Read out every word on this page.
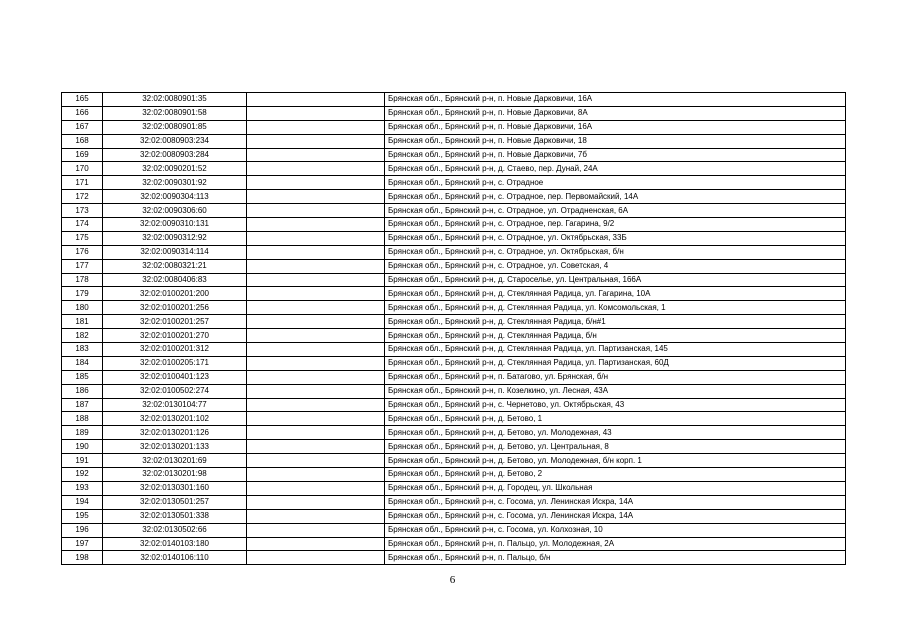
165	32:02:0080901:35		Брянская обл., Брянский р-н, п. Новые Дарковичи, 16А
166	32:02:0080901:58		Брянская обл., Брянский р-н, п. Новые Дарковичи, 8А
167	32:02:0080901:85		Брянская обл., Брянский р-н, п. Новые Дарковичи, 16А
168	32:02:0080903:234		Брянская обл., Брянский р-н, п. Новые Дарковичи, 18
169	32:02:0080903:284		Брянская обл., Брянский р-н, п. Новые Дарковичи, 7б
170	32:02:0090201:52		Брянская обл., Брянский р-н, д. Стаево, пер. Дунай, 24А
171	32:02:0090301:92		Брянская обл., Брянский р-н, с. Отрадное
172	32:02:0090304:113		Брянская обл., Брянский р-н, с. Отрадное, пер. Первомайский, 14А
173	32:02:0090306:60		Брянская обл., Брянский р-н, с. Отрадное, ул. Отрадненская, 6А
174	32:02:0090310:131		Брянская обл., Брянский р-н, с. Отрадное, пер. Гагарина, 9/2
175	32:02:0090312:92		Брянская обл., Брянский р-н, с. Отрадное, ул. Октябрьская, 33Б
176	32:02:0090314:114		Брянская обл., Брянский р-н, с. Отрадное, ул. Октябрьская, б/н
177	32:02:0080321:21		Брянская обл., Брянский р-н, с. Отрадное, ул. Советская, 4
178	32:02:0080406:83		Брянская обл., Брянский р-н, д. Староселье, ул. Центральная, 166А
179	32:02:0100201:200		Брянская обл., Брянский р-н, д. Стеклянная Радица, ул. Гагарина, 10А
180	32:02:0100201:256		Брянская обл., Брянский р-н, д. Стеклянная Радица, ул. Комсомольская, 1
181	32:02:0100201:257		Брянская обл., Брянский р-н, д. Стеклянная Радица, б/н#1
182	32:02:0100201:270		Брянская обл., Брянский р-н, д. Стеклянная Радица, б/н
183	32:02:0100201:312		Брянская обл., Брянский р-н, д. Стеклянная Радица, ул. Партизанская, 145
184	32:02:0100205:171		Брянская обл., Брянский р-н, д. Стеклянная Радица, ул. Партизанская, 60Д
185	32:02:0100401:123		Брянская обл., Брянский р-н, п. Батагово, ул. Брянская, б/н
186	32:02:0100502:274		Брянская обл., Брянский р-н, п. Козелкино, ул. Лесная, 43А
187	32:02:0130104:77		Брянская обл., Брянский р-н, с. Чернетово, ул. Октябрьская, 43
188	32:02:0130201:102		Брянская обл., Брянский р-н, д. Бетово, 1
189	32:02:0130201:126		Брянская обл., Брянский р-н, д. Бетово, ул. Молодежная, 43
190	32:02:0130201:133		Брянская обл., Брянский р-н, д. Бетово, ул. Центральная, 8
191	32:02:0130201:69		Брянская обл., Брянский р-н, д. Бетово, ул. Молодежная, б/н корп. 1
192	32:02:0130201:98		Брянская обл., Брянский р-н, д. Бетово, 2
193	32:02:0130301:160		Брянская обл., Брянский р-н, д. Городец, ул. Школьная
194	32:02:0130501:257		Брянская обл., Брянский р-н, с. Госома, ул. Ленинская Искра, 14А
195	32:02:0130501:338		Брянская обл., Брянский р-н, с. Госома, ул. Ленинская Искра, 14А
196	32:02:0130502:66		Брянская обл., Брянский р-н, с. Госома, ул. Колхозная, 10
197	32:02:0140103:180		Брянская обл., Брянский р-н, п. Пальцо, ул. Молодежная, 2А
198	32:02:0140106:110		Брянская обл., Брянский р-н, п. Пальцо, б/н
6
